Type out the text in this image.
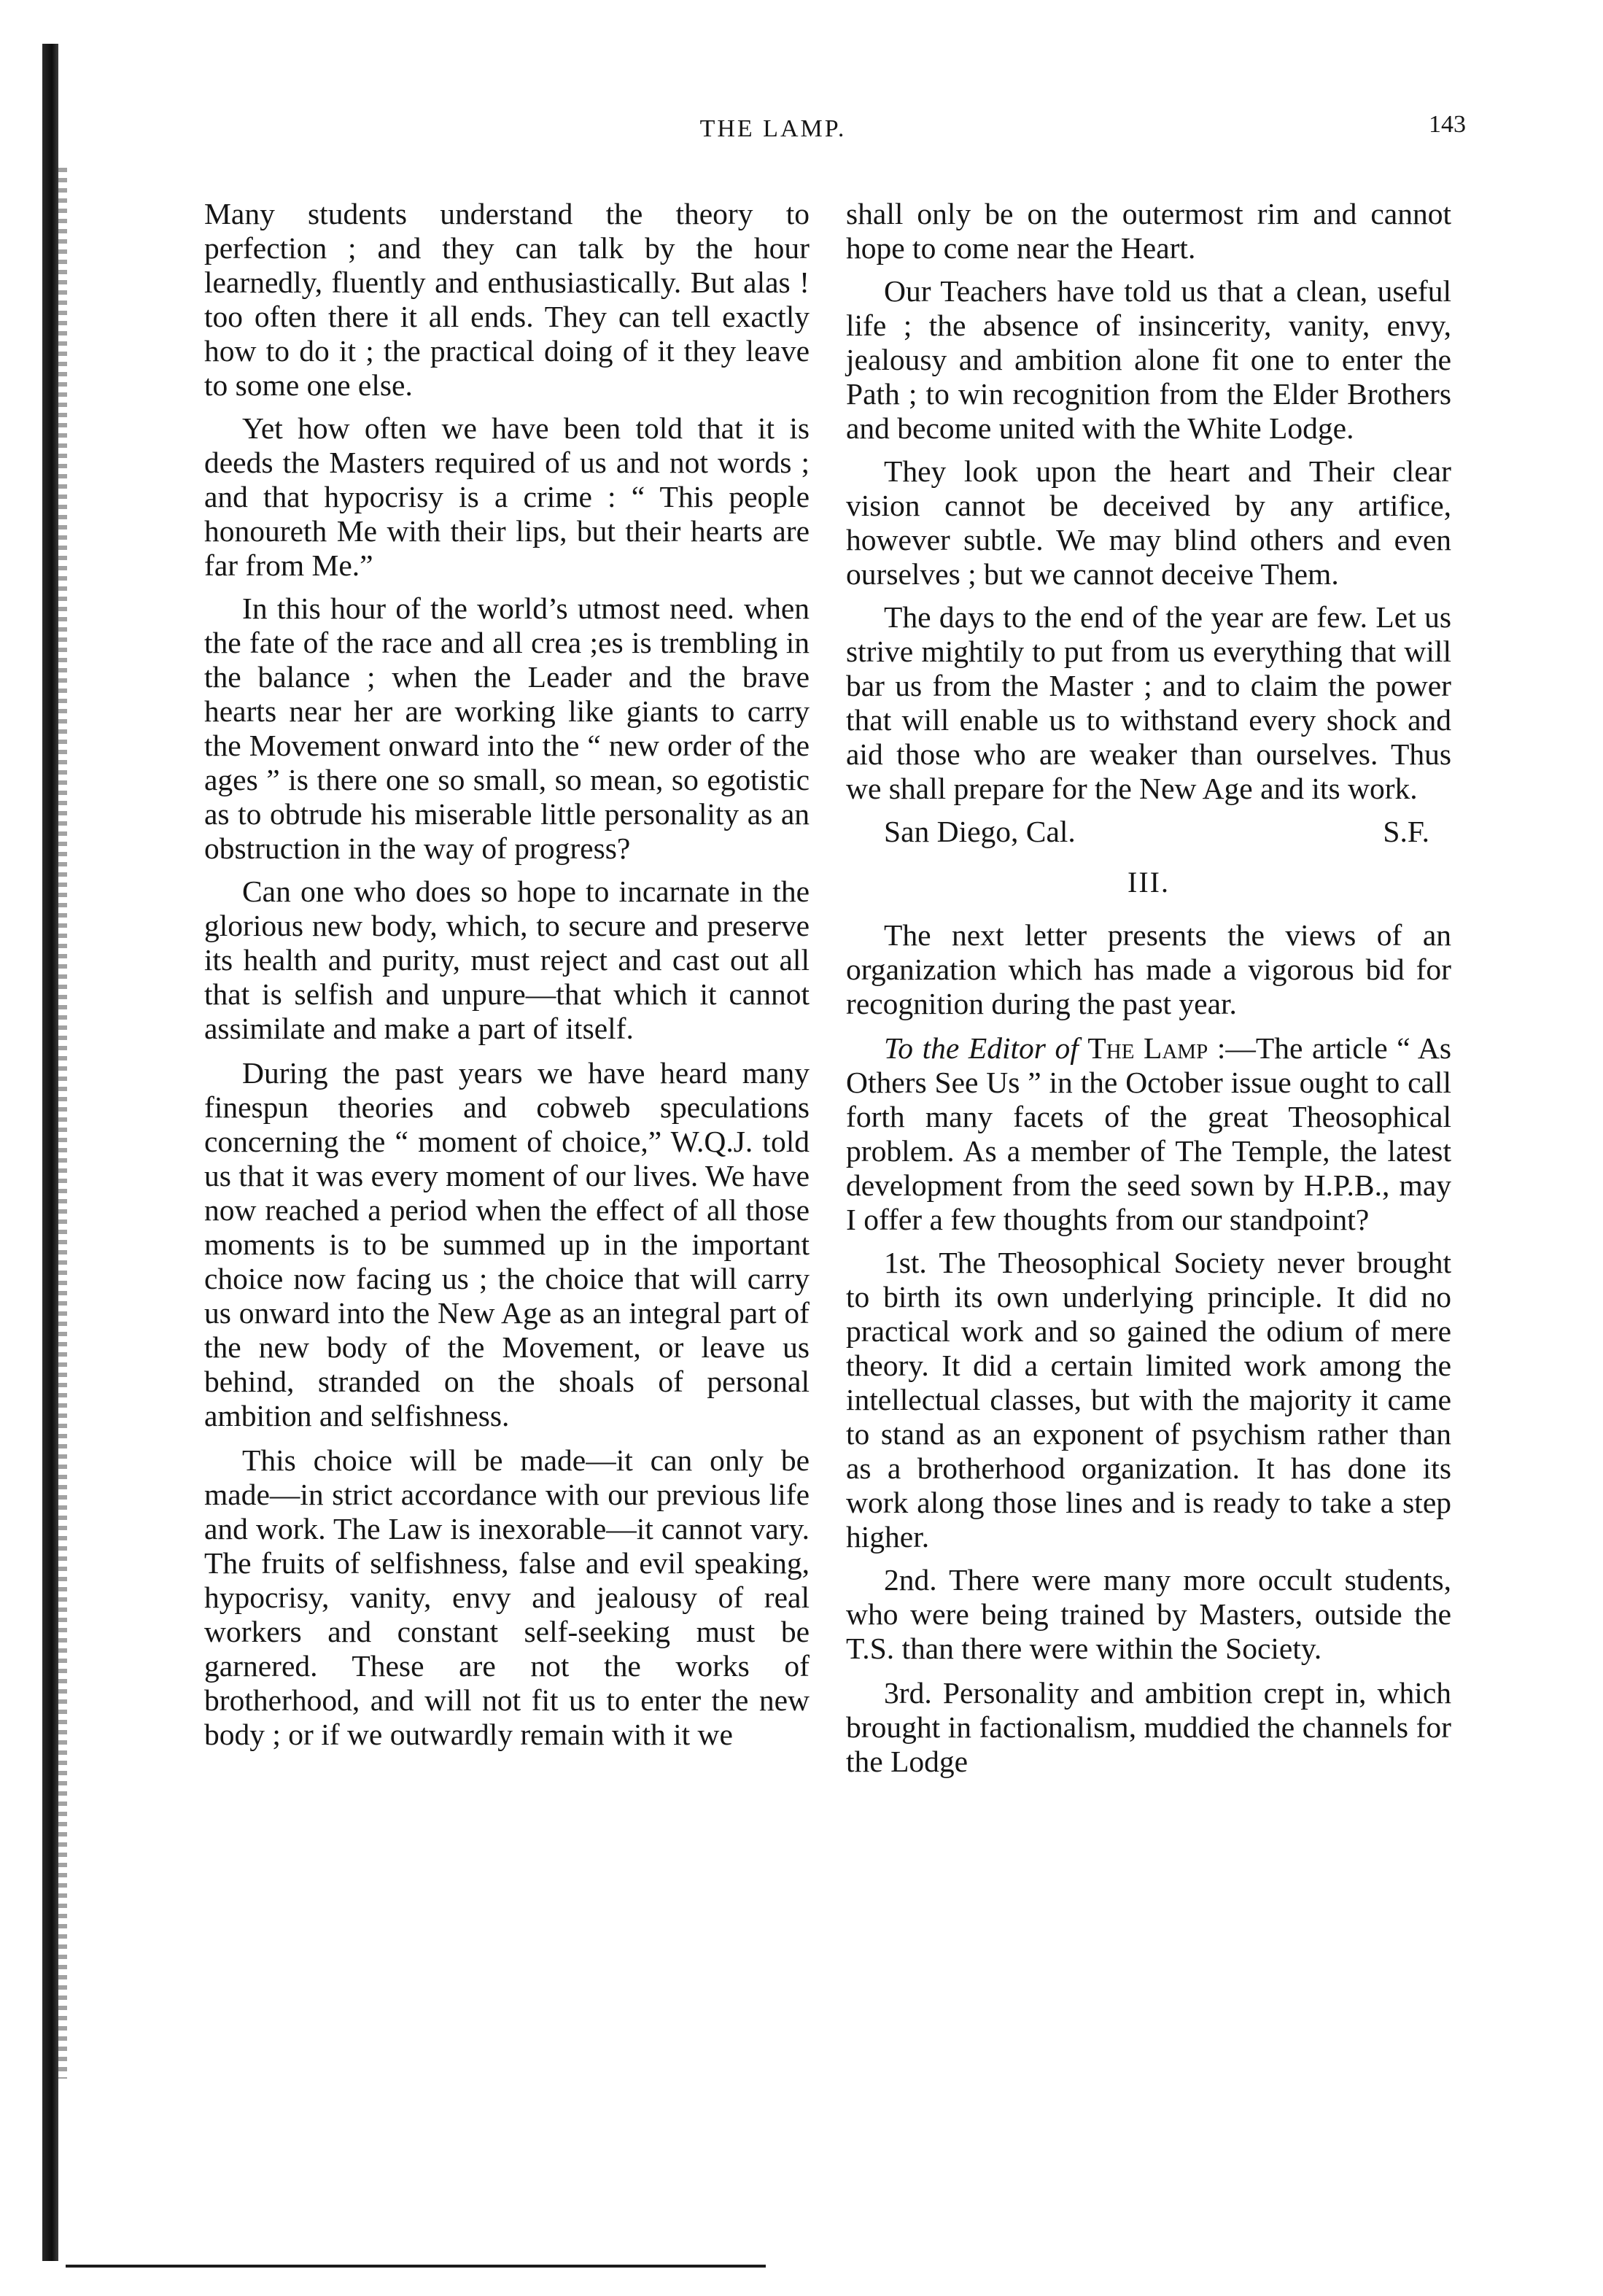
THE LAMP.	143

Many students understand the theory to perfection ; and they can talk by the hour learnedly, fluently and enthusiastically. But alas ! too often there it all ends. They can tell exactly how to do it ; the practical doing of it they leave to some one else.

Yet how often we have been told that it is deeds the Masters required of us and not words ; and that hypocrisy is a crime : “ This people honoureth Me with their lips, but their hearts are far from Me.”

In this hour of the world’s utmost need. when the fate of the race and all crea ;es is trembling in the balance ; when the Leader and the brave hearts near her are working like giants to carry the Movement onward into the “ new order of the ages ” is there one so small, so mean, so egotistic as to obtrude his miserable little personality as an obstruction in the way of progress?

Can one who does so hope to incarnate in the glorious new body, which, to secure and preserve its health and purity, must reject and cast out all that is selfish and unpure—that which it cannot assimilate and make a part of itself.

During the past years we have heard many finespun theories and cobweb speculations concerning the “ moment of choice,” W.Q.J. told us that it was every moment of our lives. We have now reached a period when the effect of all those moments is to be summed up in the important choice now facing us ; the choice that will carry us onward into the New Age as an integral part of the new body of the Movement, or leave us behind, stranded on the shoals of personal ambition and selfishness.

This choice will be made—it can only be made—in strict accordance with our previous life and work. The Law is inexorable—it cannot vary. The fruits of selfishness, false and evil speaking, hypocrisy, vanity, envy and jealousy of real workers and constant self-seeking must be garnered. These are not the works of brotherhood, and will not fit us to enter the new body ; or if we outwardly remain with it we

shall only be on the outermost rim and cannot hope to come near the Heart.

Our Teachers have told us that a clean, useful life ; the absence of insincerity, vanity, envy, jealousy and ambition alone fit one to enter the Path ; to win recognition from the Elder Brothers and become united with the White Lodge.

They look upon the heart and Their clear vision cannot be deceived by any artifice, however subtle. We may blind others and even ourselves ; but we cannot deceive Them.

The days to the end of the year are few. Let us strive mightily to put from us everything that will bar us from the Master ; and to claim the power that will enable us to withstand every shock and aid those who are weaker than ourselves. Thus we shall prepare for the New Age and its work.

San Diego, Cal.	S.F.
III.

The next letter presents the views of an organization which has made a vigorous bid for recognition during the past year.

To the Editor of The Lamp :—The article “ As Others See Us ” in the October issue ought to call forth many facets of the great Theosophical problem. As a member of The Temple, the latest development from the seed sown by H.P.B., may I offer a few thoughts from our standpoint?

1st. The Theosophical Society never brought to birth its own underlying principle. It did no practical work and so gained the odium of mere theory. It did a certain limited work among the intellectual classes, but with the majority it came to stand as an exponent of psychism rather than as a brotherhood organization. It has done its work along those lines and is ready to take a step higher.

2nd. There were many more occult students, who were being trained by Masters, outside the T.S. than there were within the Society.

3rd. Personality and ambition crept in, which brought in factionalism, muddied the channels for the Lodge
